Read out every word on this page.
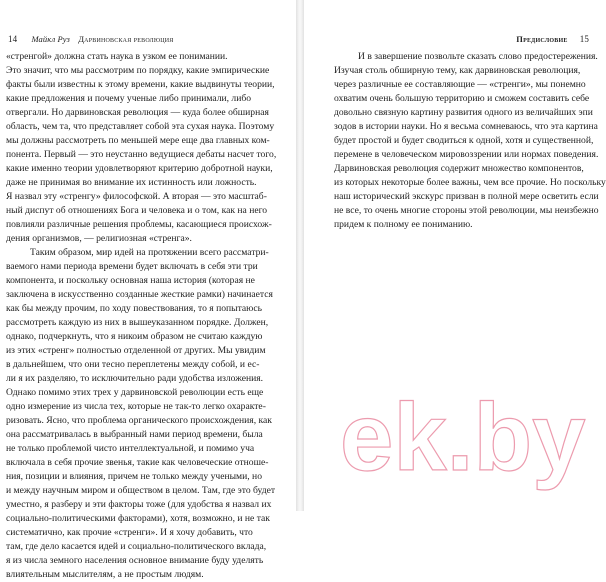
14 Майкл Руз Дарвиновская революция
«стренгой» должна стать наука в узком ее понимании.
Это значит, что мы рассмотрим по порядку, какие эмпирические
факты были известны к этому времени, какие выдвинуты теории,
какие предложения и почему ученые либо принимали, либо
отвергали. Но дарвиновская революция — куда более обширная
область, чем та, что представляет собой эта сухая наука. Поэтому
мы должны рассмотреть по меньшей мере еще два главных ком-
понента. Первый — это неустанно ведущиеся дебаты насчет того,
какие именно теории удовлетворяют критерию добротной науки,
даже не принимая во внимание их истинность или ложность.
Я назвал эту «стренгу» философской. А вторая — это масштаб-
ный диспут об отношениях Бога и человека и о том, как на него
повлияли различные решения проблемы, касающиеся происхож-
дения организмов, — религиозная «стренга».
Таким образом, мир идей на протяжении всего рассматри-
ваемого нами периода времени будет включать в себя эти три
компонента, и поскольку основная наша история (которая не
заключена в искусственно созданные жесткие рамки) начинается
как бы между прочим, по ходу повествования, то я попытаюсь
рассмотреть каждую из них в вышеуказанном порядке. Должен,
однако, подчеркнуть, что я никоим образом не считаю каждую
из этих «стренг» полностью отделенной от других. Мы увидим
в дальнейшем, что они тесно переплетены между собой, и ес-
ли я их разделяю, то исключительно ради удобства изложения.
Однако помимо этих трех у дарвиновской революции есть еще
одно измерение из числа тех, которые не так-то легко охаракте-
ризовать. Ясно, что проблема органического происхождения, как
она рассматривалась в выбранный нами период времени, была
не только проблемой чисто интеллектуальной, и помимо уча
включала в себя прочие звенья, такие как человеческие отноше-
ния, позиции и влияния, причем не только между учеными, но
и между научным миром и обществом в целом. Там, где это будет
уместно, я разберу и эти факторы тоже (для удобства я назвал их
социально-политическими факторами), хотя, возможно, и не так
систематично, как прочие «стренги». И я хочу добавить, что
там, где дело касается идей и социально-политического вклада,
я из числа земного населения основное внимание буду уделять
влиятельным мыслителям, а не простым людям.
Предисловие 15
И в завершение позвольте сказать слово предостережения.
Изучая столь обширную тему, как дарвиновская революция,
через различные ее составляющие — «стренги», мы понемно
охватим очень большую территорию и сможем составить себе
довольно связную картину развития одного из величайших эпи
зодов в истории науки. Но я весьма сомневаюсь, что эта картина
будет простой и будет сводиться к одной, хотя и существенной,
перемене в человеческом мировоззрении или нормах поведения.
Дарвиновская революция содержит множество компонентов,
из которых некоторые более важны, чем все прочие. Но поскольку
наш исторический экскурс призван в полной мере осветить если
не все, то очень многие стороны этой революции, мы неизбежно
придем к полному ее пониманию.
